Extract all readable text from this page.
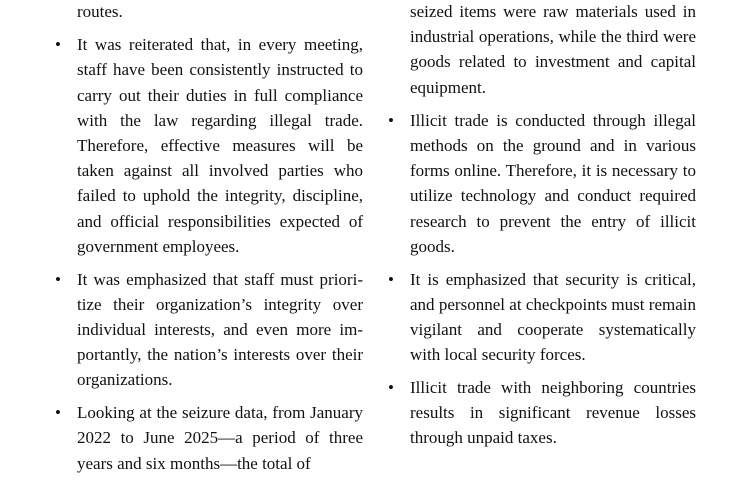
routes.

• It was reiterated that, in every meeting, staff have been consistently instructed to carry out their duties in full compliance with the law regarding illegal trade. Therefore, effective measures will be taken against all involved parties who failed to uphold the integrity, discipline, and official responsibilities expected of government employees.
• It was emphasized that staff must prioritize their organization’s integrity over individual interests, and even more importantly, the nation’s interests over their organizations.
• Looking at the seizure data, from January 2022 to June 2025—a period of three years and six months—the total of

seized items were raw materials used in industrial operations, while the third were goods related to investment and capital equipment.

• Illicit trade is conducted through illegal methods on the ground and in various forms online. Therefore, it is necessary to utilize technology and conduct required research to prevent the entry of illicit goods.
• It is emphasized that security is critical, and personnel at checkpoints must remain vigilant and cooperate systematically with local security forces.
• Illicit trade with neighboring countries results in significant revenue losses through unpaid taxes.
